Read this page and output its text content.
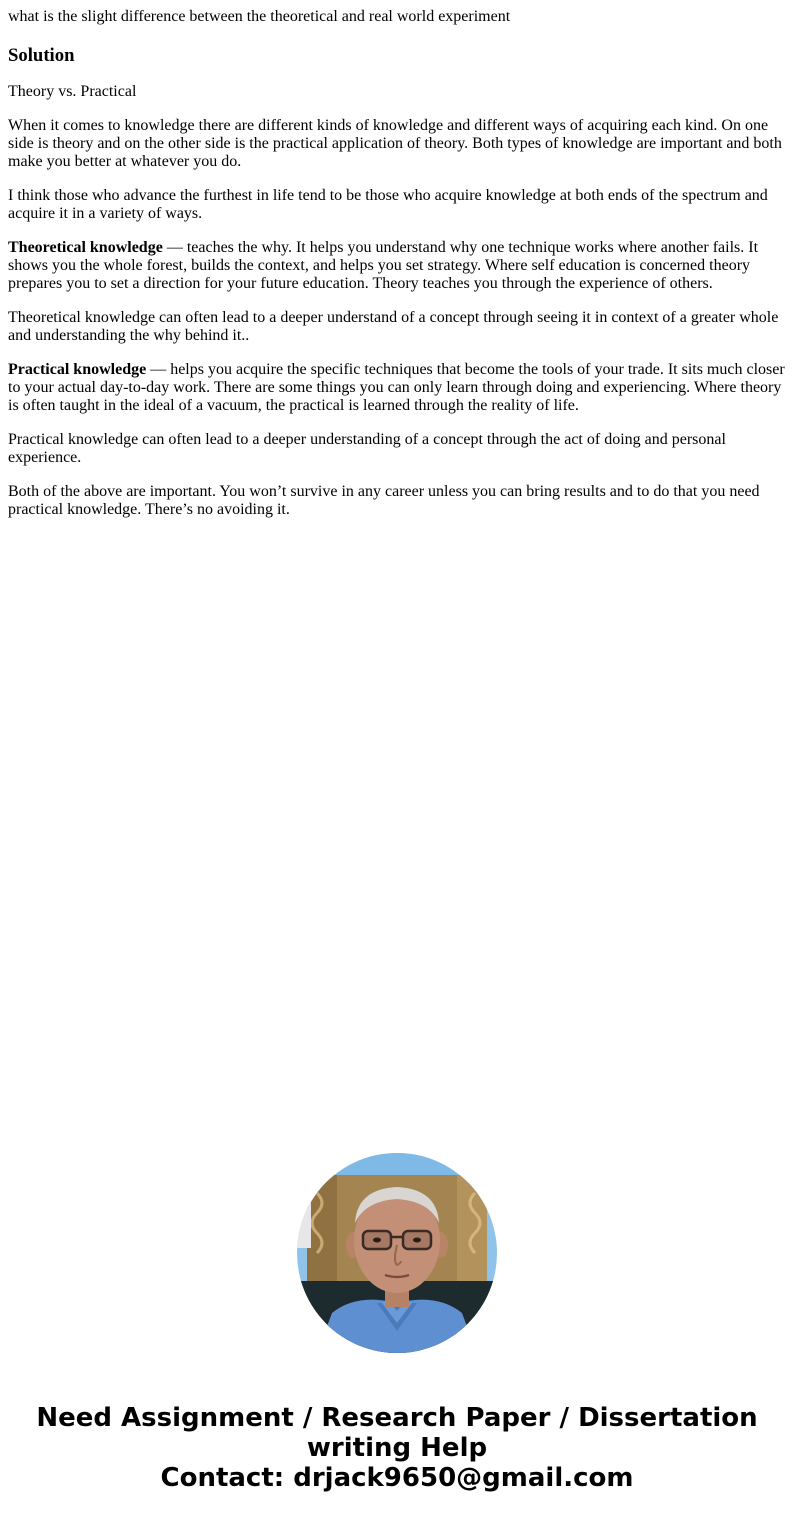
what is the slight difference between the theoretical and real world experiment

Solution

Theory vs. Practical

When it comes to knowledge there are different kinds of knowledge and different ways of acquiring each kind. On one side is theory and on the other side is the practical application of theory. Both types of knowledge are important and both make you better at whatever you do.

I think those who advance the furthest in life tend to be those who acquire knowledge at both ends of the spectrum and acquire it in a variety of ways.

Theoretical knowledge — teaches the why. It helps you understand why one technique works where another fails. It shows you the whole forest, builds the context, and helps you set strategy. Where self education is concerned theory prepares you to set a direction for your future education. Theory teaches you through the experience of others.

Theoretical knowledge can often lead to a deeper understand of a concept through seeing it in context of a greater whole and understanding the why behind it..

Practical knowledge — helps you acquire the specific techniques that become the tools of your trade. It sits much closer to your actual day-to-day work. There are some things you can only learn through doing and experiencing. Where theory is often taught in the ideal of a vacuum, the practical is learned through the reality of life.

Practical knowledge can often lead to a deeper understanding of a concept through the act of doing and personal experience.

Both of the above are important. You won’t survive in any career unless you can bring results and to do that you need practical knowledge. There’s no avoiding it.

Need Assignment / Research Paper / Dissertation
writing Help
Contact: drjack9650@gmail.com
